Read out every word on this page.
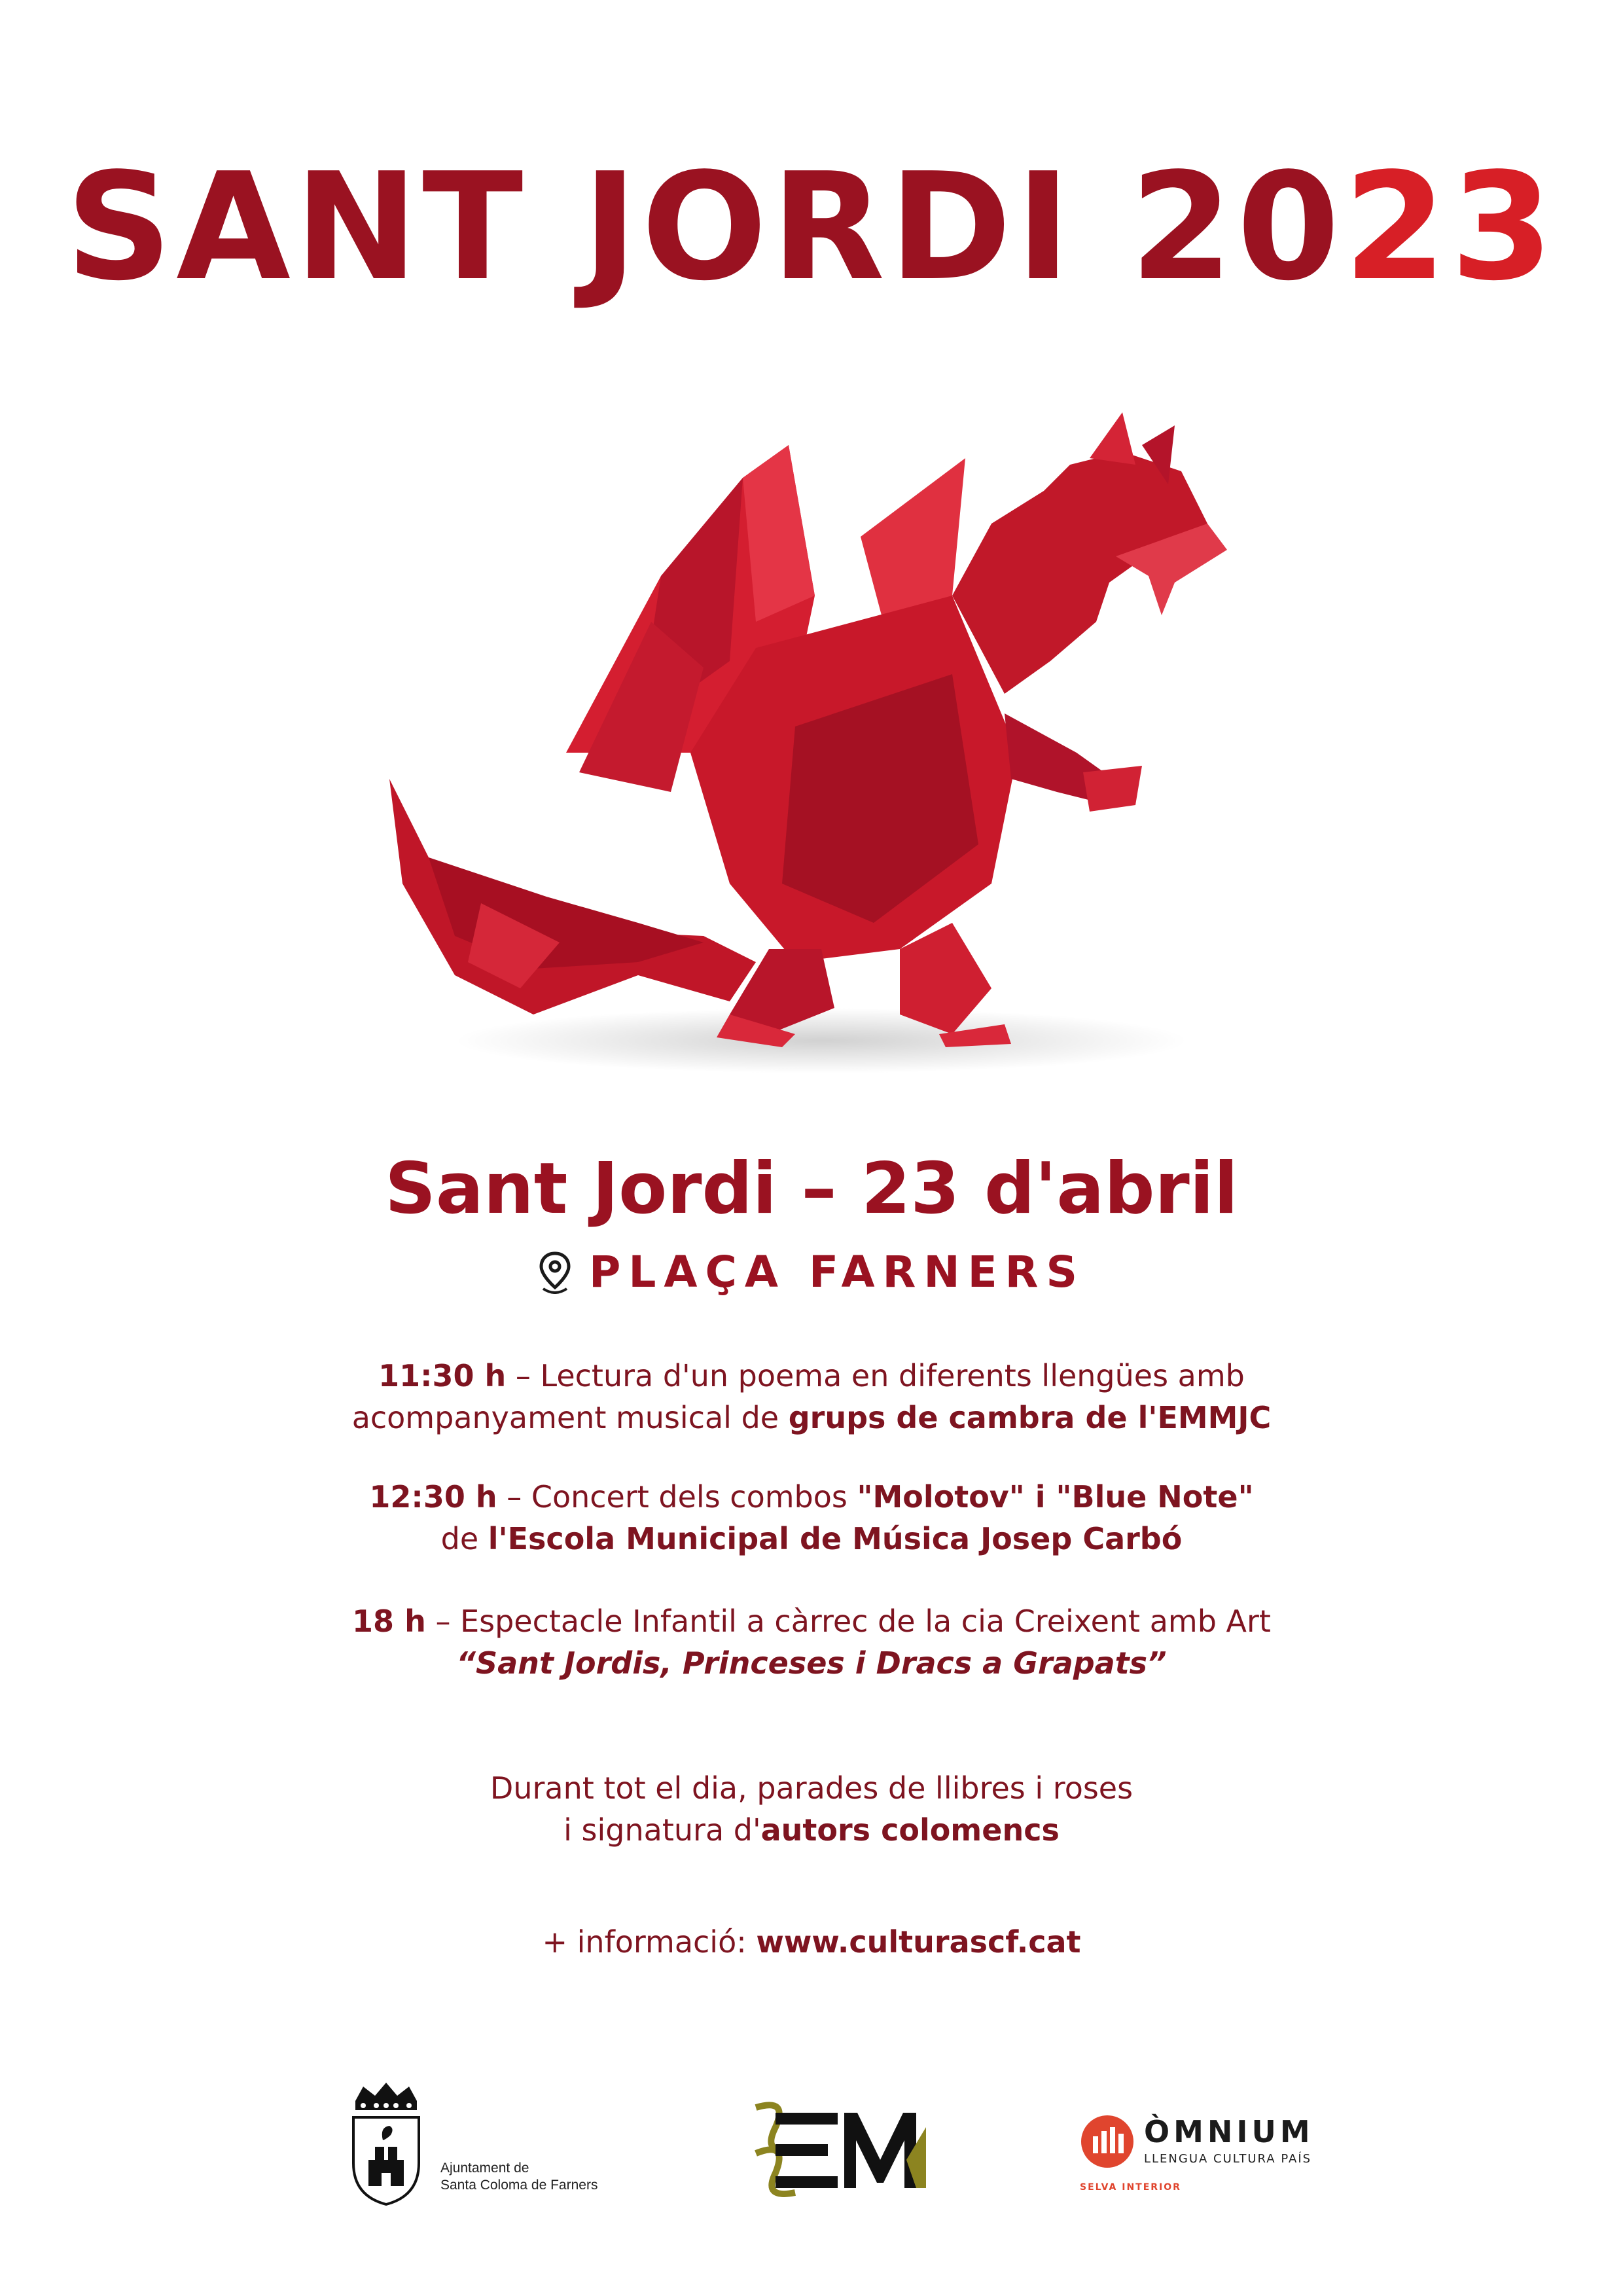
SANT JORDI 2023
Sant Jordi – 23 d'abril
PLAÇA FARNERS
11:30 h – Lectura d'un poema en diferents llengües amb
acompanyament musical de grups de cambra de l'EMMJC
12:30 h – Concert dels combos "Molotov" i "Blue Note"
de l'Escola Municipal de Música Josep Carbó
18 h – Espectacle Infantil a càrrec de la cia Creixent amb Art
“Sant Jordis, Princeses i Dracs a Grapats”
Durant tot el dia, parades de llibres i roses
i signatura d'autors colomencs
+ informació: www.culturascf.cat
Ajuntament de
Santa Coloma de Farners
ÒMNIUM
LLENGUA CULTURA PAÍS
SELVA INTERIOR
